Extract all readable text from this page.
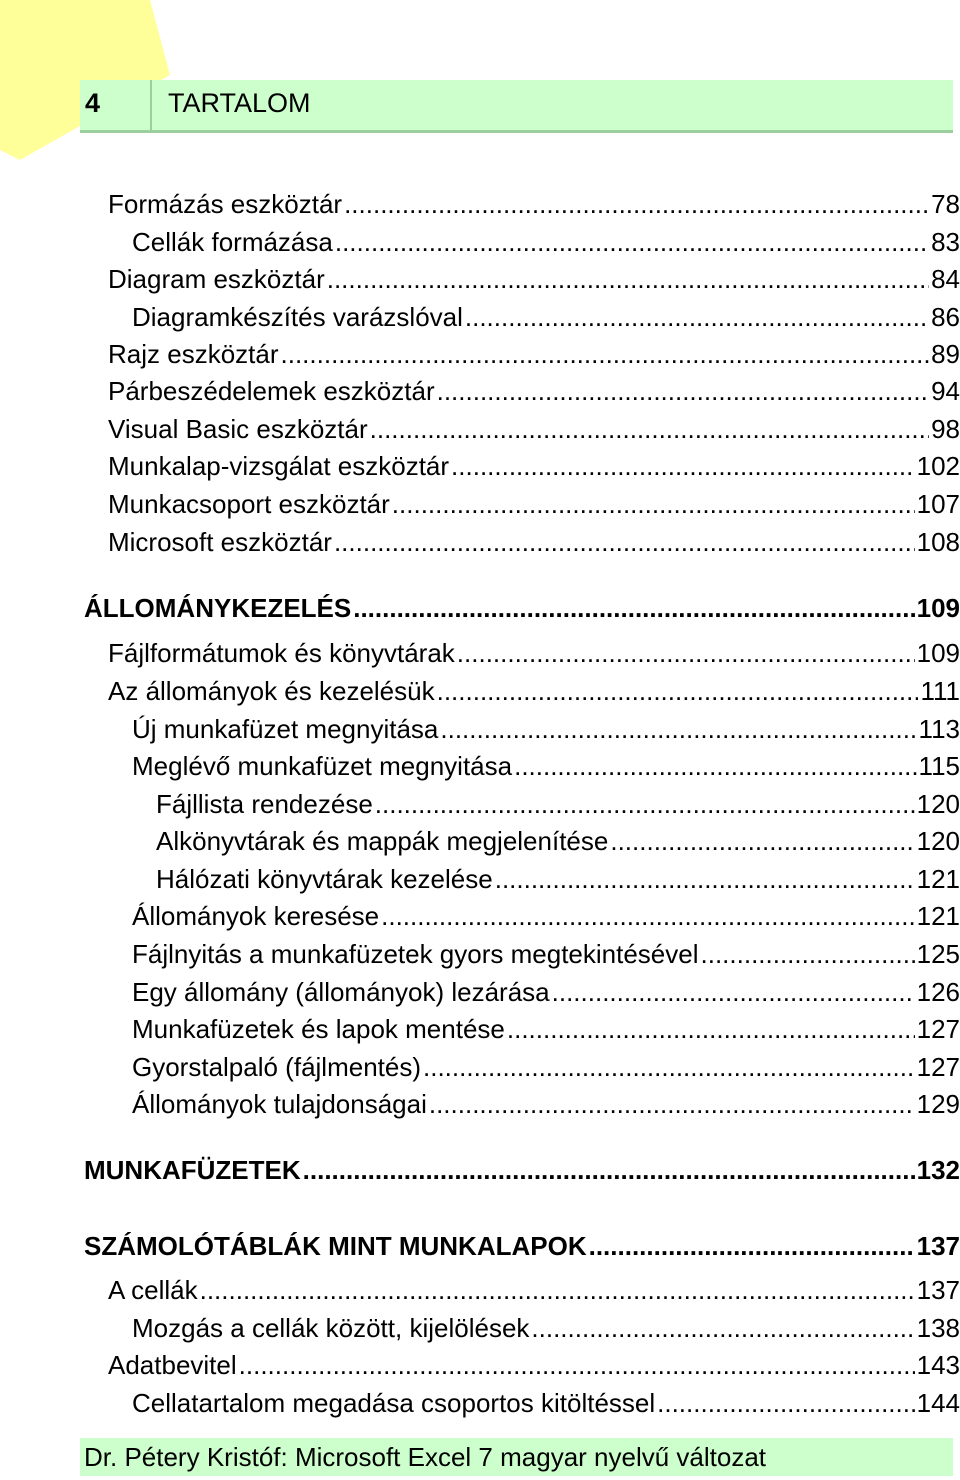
4	TARTALOM
Formázás eszköztár .....	78
Cellák formázása .....	83
Diagram eszköztár .....	84
Diagramkészítés varázslóval .....	86
Rajz eszköztár .....	89
Párbeszédelemek eszköztár .....	94
Visual Basic eszköztár .....	98
Munkalap-vizsgálat eszköztár .....	102
Munkacsoport eszköztár .....	107
Microsoft eszköztár .....	108
ÁLLOMÁNYKEZELÉS .....	109
Fájlformátumok és könyvtárak .....	109
Az állományok és kezelésük .....	111
Új munkafüzet megnyitása .....	113
Meglévő munkafüzet megnyitása .....	115
Fájllista rendezése .....	120
Alkönyvtárak és mappák megjelenítése .....	120
Hálózati könyvtárak kezelése .....	121
Állományok keresése .....	121
Fájlnyitás a munkafüzetek gyors megtekintésével .....	125
Egy állomány (állományok) lezárása .....	126
Munkafüzetek és lapok mentése .....	127
Gyorstalpaló (fájlmentés) .....	127
Állományok tulajdonságai .....	129
MUNKAFÜZETEK .....	132
SZÁMOLÓTÁBLÁK MINT MUNKALAPOK .....	137
A cellák .....	137
Mozgás a cellák között, kijelölések .....	138
Adatbevitel .....	143
Cellatartalom megadása csoportos kitöltéssel .....	144
Dr. Pétery Kristóf: Microsoft Excel 7 magyar nyelvű változat
